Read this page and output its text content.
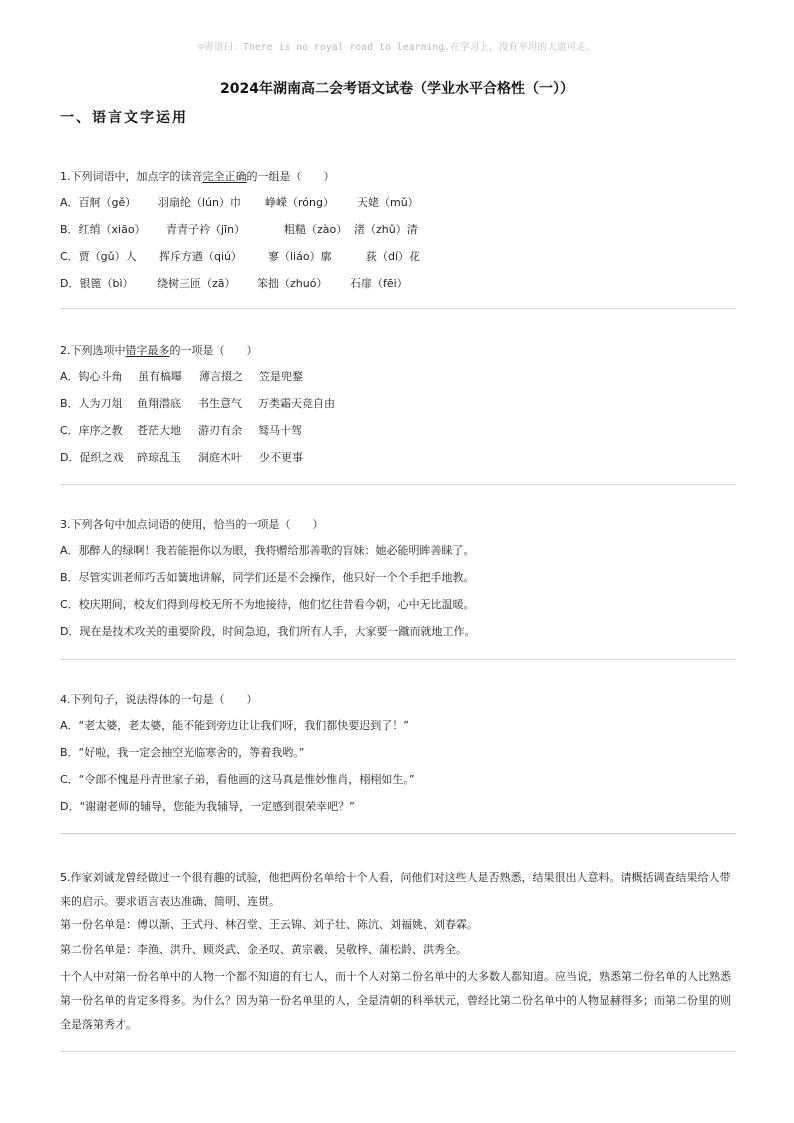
☺寄语曰：There is no royal road to learning.在学习上，没有平坦的大道可走。
2024年湖南高二会考语文试卷（学业水平合格性（一））
一、语言文字运用
1.下列词语中，加点字的读音完全正确的一组是（　　）
A．百舸（gě） 羽扇纶（lún）巾 峥嵘（róng） 天姥（mǔ）
B．红绡（xiāo） 青青子衿（jīn）	粗糙（zào） 渚（zhǔ）清
C．贾（gǔ）人 挥斥方遒（qiú） 寥（liáo）廓	荻（dí）花
D．银篦（bì） 绕树三匝（zā） 笨拙（zhuó） 石扉（fēi）
2.下列选项中错字最多的一项是（　　）
A．钩心斗角 虽有槁曝 薄言掇之 笠是兜鍪
B．人为刀俎 鱼翔潜底 书生意气 万类霜天竞自由
C．庠序之教 苍茫大地 游刃有余 驽马十驾
D．促织之戏 碎琼乱玉 洞庭木叶 少不更事
3.下列各句中加点词语的使用，恰当的一项是（　　）
A．那醉人的绿啊！我若能挹你以为眼，我将赠给那善歌的盲妹：她必能明眸善睐了。
B．尽管实训老师巧舌如簧地讲解，同学们还是不会操作，他只好一个个手把手地教。
C．校庆期间，校友们得到母校无所不为地接待，他们忆往昔看今朝，心中无比温暖。
D．现在是技术攻关的重要阶段，时间急迫，我们所有人手，大家要一蹴而就地工作。
4.下列句子，说法得体的一句是（　　）
A．“老太婆，老太婆，能不能到旁边让让我们呀，我们都快要迟到了！”
B．“好啦，我一定会抽空光临寒舍的，等着我哟。”
C．“令郎不愧是丹青世家子弟，看他画的这马真是惟妙惟肖，栩栩如生。”
D．“谢谢老师的辅导，您能为我辅导，一定感到很荣幸吧？”
5.作家刘诚龙曾经做过一个很有趣的试验，他把两份名单给十个人看，问他们对这些人是否熟悉，结果很出人意料。请概括调查结果给人带来的启示。要求语言表达准确、简明、连贯。
第一份名单是：傅以渐、王式丹、林召堂、王云锦、刘子壮、陈沆、刘福姚、刘春霖。
第二份名单是：李渔、洪升、顾炎武、金圣叹、黄宗羲、吴敬梓、蒲松龄、洪秀全。
十个人中对第一份名单中的人物一个都不知道的有七人，而十个人对第二份名单中的大多数人都知道。应当说，熟悉第二份名单的人比熟悉第一份名单的肯定多得多。为什么？因为第一份名单里的人，全是清朝的科举状元，曾经比第二份名单中的人物显赫得多；而第二份里的则全是落第秀才。
